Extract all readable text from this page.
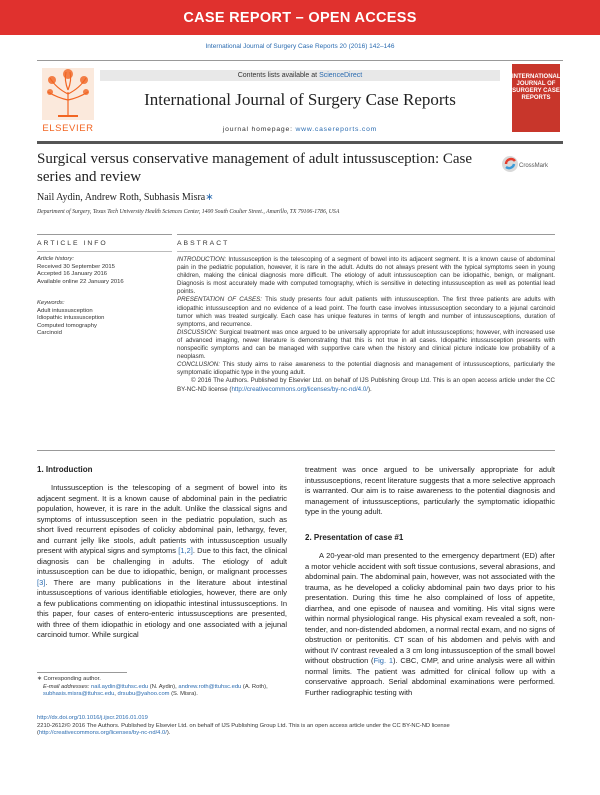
CASE REPORT – OPEN ACCESS
International Journal of Surgery Case Reports 20 (2016) 142–146
ELSEVIER
Contents lists available at ScienceDirect
International Journal of Surgery Case Reports
journal homepage: www.casereports.com
INTERNATIONAL JOURNAL OF SURGERY CASE REPORTS
Surgical versus conservative management of adult intussusception: Case series and review
CrossMark
Nail Aydin, Andrew Roth, Subhasis Misra∗
Department of Surgery, Texas Tech University Health Sciences Center, 1400 South Coulter Street., Amarillo, TX 79106-1786, USA
ARTICLE INFO	ABSTRACT
Article history:
Received 30 September 2015
Accepted 16 January 2016
Available online 22 January 2016
Keywords:
Adult intussusception
Idiopathic intussusception
Computed tomography
Carcinoid

INTRODUCTION: Intussusception is the telescoping of a segment of bowel into its adjacent segment. It is a known cause of abdominal pain in the pediatric population, however, it is rare in the adult. Adults do not always present with the typical symptoms seen in young children, making the clinical diagnosis more difficult. The etiology of adult intussusception can be idiopathic, benign, or malignant. Diagnosis is most accurately made with computed tomography, which is sensitive in detecting intussusception as well as potential lead points.

PRESENTATION OF CASES: This study presents four adult patients with intussusception. The first three patients are adults with idiopathic intussusception and no evidence of a lead point. The fourth case involves intussusception secondary to a jejunal carcinoid tumor which was treated surgically. Each case has unique features in terms of length and number of intussusceptions, duration of symptoms, and recurrence.

DISCUSSION: Surgical treatment was once argued to be universally appropriate for adult intussusceptions; however, with increased use of advanced imaging, newer literature is demonstrating that this is not true in all cases. Idiopathic intussusception presents with nonspecific symptoms and can be managed with supportive care when the history and clinical picture indicate low probability of a neoplasm.

CONCLUSION: This study aims to raise awareness to the potential diagnosis and management of intussusceptions, particularly the symptomatic idiopathic type in the young adult.

© 2016 The Authors. Published by Elsevier Ltd. on behalf of IJS Publishing Group Ltd. This is an open access article under the CC BY-NC-ND license (http://creativecommons.org/licenses/by-nc-nd/4.0/).

1. Introduction

Intussusception is the telescoping of a segment of bowel into its adjacent segment. It is a known cause of abdominal pain in the pediatric population, however, it is rare in the adult. Unlike the classical signs and symptoms of intussusception seen in the pediatric population, such as short lived recurrent episodes of colicky abdominal pain, lethargy, fever, and currant jelly like stools, adult patients with intussusception usually present with atypical signs and symptoms [1,2]. Due to this fact, the clinical diagnosis can be challenging in adults. The etiology of adult intussusception can be due to idiopathic, benign, or malignant processes [3]. There are many publications in the literature about intestinal intussusceptions of various identifiable etiologies, however, there are only a few publications commenting on idiopathic intestinal intussusceptions. In this paper, four cases of entero-enteric intussusceptions are presented, with three of them idiopathic in etiology and one associated with a jejunal carcinoid tumor. While surgical

treatment was once argued to be universally appropriate for adult intussusceptions, recent literature suggests that a more selective approach is warranted. Our aim is to raise awareness to the potential diagnosis and management of intussusceptions, particularly the symptomatic idiopathic type in the young adult.

2. Presentation of case #1

A 20-year-old man presented to the emergency department (ED) after a motor vehicle accident with soft tissue contusions, several abrasions, and abdominal pain. The abdominal pain, however, was not associated with the trauma, as he developed a colicky abdominal pain two days prior to his presentation. During this time he also complained of loss of appetite, diarrhea, and one episode of nausea and vomiting. His vital signs were within normal physiological range. His physical exam revealed a soft, non-tender, and non-distended abdomen, a normal rectal exam, and no signs of obstruction or peritonitis. CT scan of his abdomen and pelvis with and without IV contrast revealed a 3 cm long intussusception of the small bowel without obstruction (Fig. 1). CBC, CMP, and urine analysis were all within normal limits. The patient was admitted for clinical follow up with a conservative approach. Serial abdominal examinations were performed. Further radiographic testing with

∗ Corresponding author.
E-mail addresses: nail.aydin@ttuhsc.edu (N. Aydin), andrew.roth@ttuhsc.edu (A. Roth), subhasis.misra@ttuhsc.edu, drsubu@yahoo.com (S. Misra).
http://dx.doi.org/10.1016/j.ijscr.2016.01.019
2210-2612/© 2016 The Authors. Published by Elsevier Ltd. on behalf of IJS Publishing Group Ltd. This is an open access article under the CC BY-NC-ND license (http://creativecommons.org/licenses/by-nc-nd/4.0/).
